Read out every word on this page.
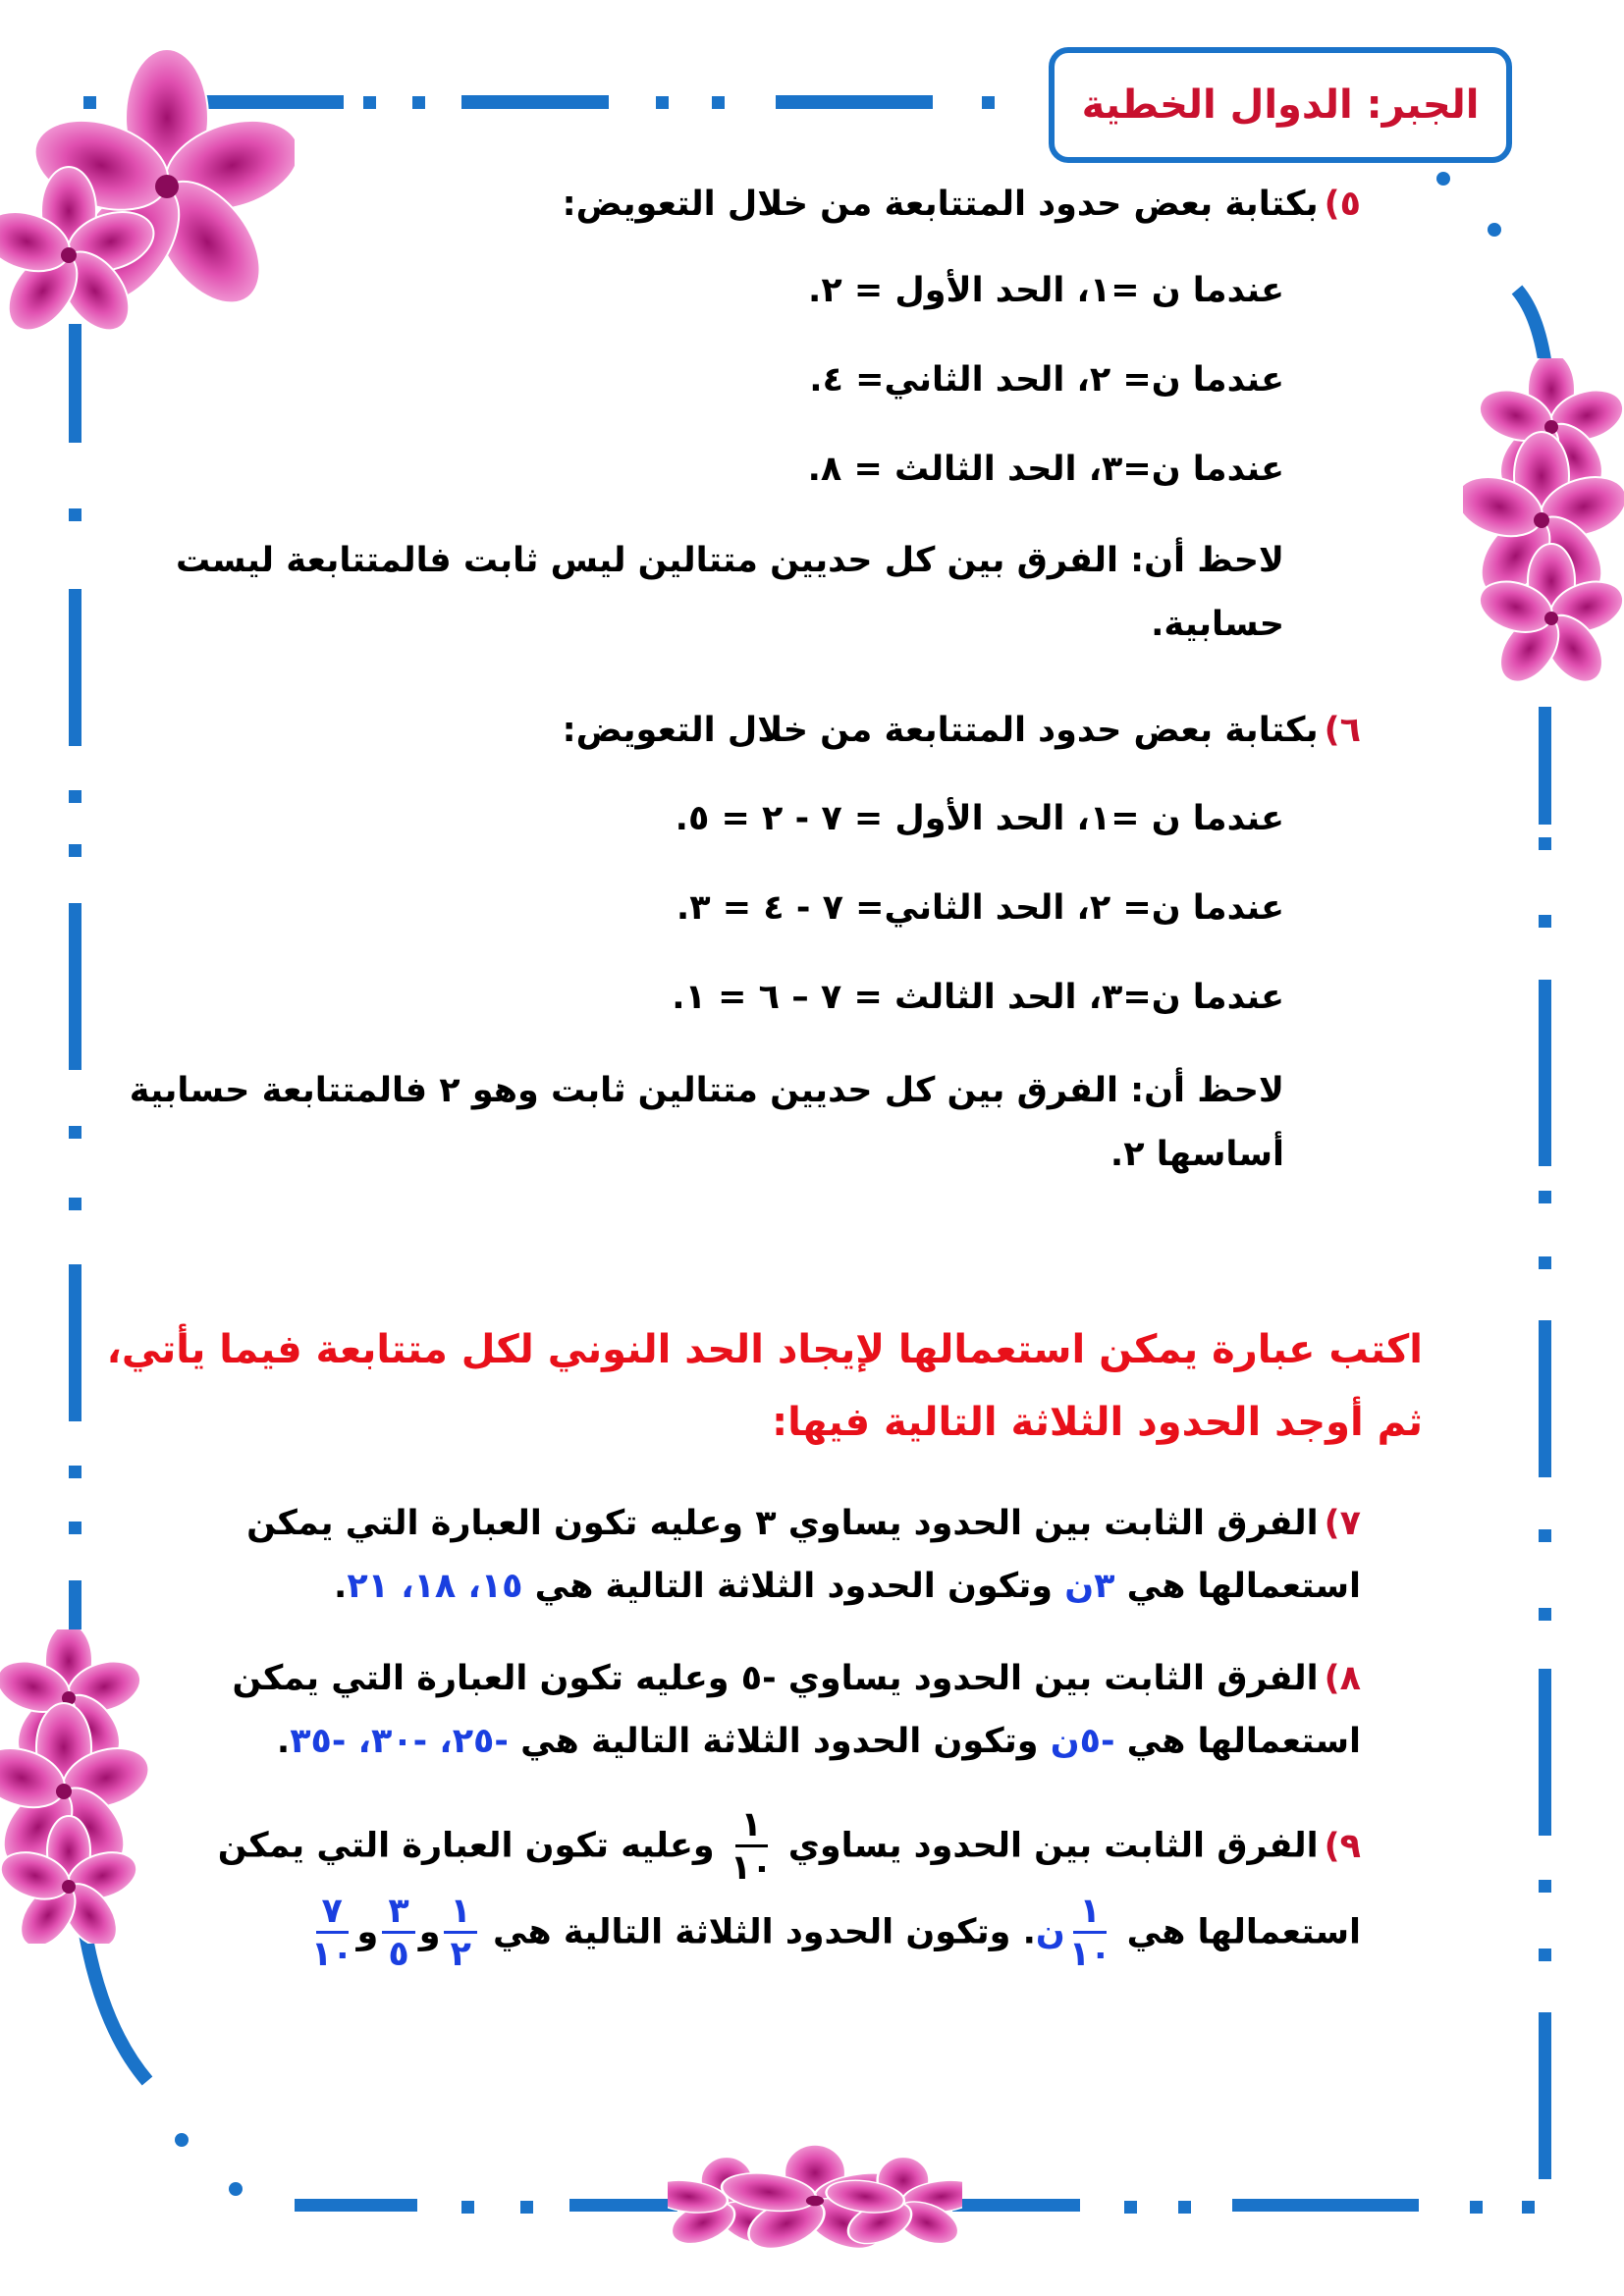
الجبر: الدوال الخطية
٥)بكتابة بعض حدود المتتابعة من خلال التعويض:
عندما ن =١، الحد الأول = ٢.
عندما ن= ٢، الحد الثاني= ٤.
عندما ن=٣، الحد الثالث = ٨.
لاحظ أن: الفرق بين كل حديين متتالين ليس ثابت فالمتتابعة ليست
حسابية.
٦)بكتابة بعض حدود المتتابعة من خلال التعويض:
عندما ن =١، الحد الأول = ٧ - ٢ = ٥.
عندما ن= ٢، الحد الثاني= ٧ - ٤ = ٣.
عندما ن=٣، الحد الثالث = ٧ – ٦ = ١.
لاحظ أن: الفرق بين كل حديين متتالين ثابت وهو ٢ فالمتتابعة حسابية
أساسها ٢.
اكتب عبارة يمكن استعمالها لإيجاد الحد النوني لكل متتابعة فيما يأتي،
ثم أوجد الحدود الثلاثة التالية فيها:
٧)الفرق الثابت بين الحدود يساوي ٣ وعليه تكون العبارة التي يمكن
استعمالها هي ٣ن وتكون الحدود الثلاثة التالية هي ١٥، ١٨، ٢١.
٨)الفرق الثابت بين الحدود يساوي -٥ وعليه تكون العبارة التي يمكن
استعمالها هي -٥ن وتكون الحدود الثلاثة التالية هي -٢٥، -٣٠، -٣٥.
٩)الفرق الثابت بين الحدود يساوي
$\frac{١}{١٠}$
وعليه تكون العبارة التي يمكن
استعمالها هي
$\frac{١}{١٠}$
ن. وتكون الحدود الثلاثة التالية هي
$\frac{١}{٢}$
و
$\frac{٣}{٥}$
و
$\frac{٧}{١٠}$
